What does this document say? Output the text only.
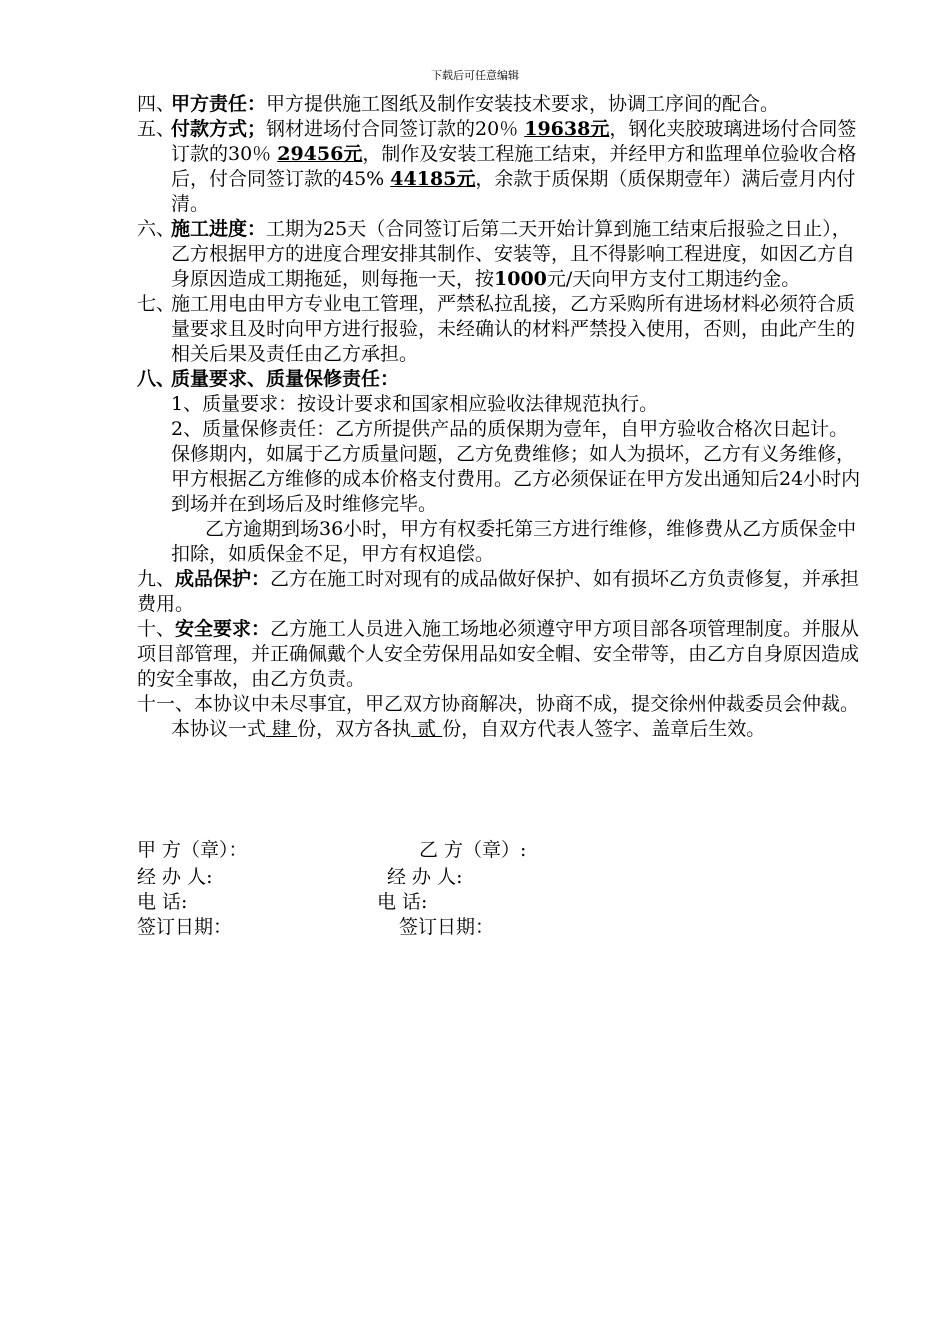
下载后可任意编辑
四、
甲方责任：甲方提供施工图纸及制作安装技术要求，协调工序间的配合。
五、
付款方式；钢材进场付合同签订款的20％ 19638元，钢化夹胶玻璃进场付合同签订款的30％ 29456元，制作及安装工程施工结束，并经甲方和监理单位验收合格后，付合同签订款的45% 44185元，余款于质保期（质保期壹年）满后壹月内付清。
六、
施工进度：工期为25天（合同签订后第二天开始计算到施工结束后报验之日止），乙方根据甲方的进度合理安排其制作、安装等，且不得影响工程进度，如因乙方自身原因造成工期拖延，则每拖一天，按1000元/天向甲方支付工期违约金。
七、
施工用电由甲方专业电工管理，严禁私拉乱接，乙方采购所有进场材料必须符合质量要求且及时向甲方进行报验，未经确认的材料严禁投入使用，否则，由此产生的相关后果及责任由乙方承担。
八、
质量要求、质量保修责任：
1、质量要求：按设计要求和国家相应验收法律规范执行。
2、质量保修责任：乙方所提供产品的质保期为壹年，自甲方验收合格次日起计。保修期内，如属于乙方质量问题，乙方免费维修；如人为损坏，乙方有义务维修，甲方根据乙方维修的成本价格支付费用。乙方必须保证在甲方发出通知后24小时内到场并在到场后及时维修完毕。
乙方逾期到场36小时，甲方有权委托第三方进行维修，维修费从乙方质保金中扣除，如质保金不足，甲方有权追偿。
九、成品保护：乙方在施工时对现有的成品做好保护、如有损坏乙方负责修复，并承担费用。
十、安全要求：乙方施工人员进入施工场地必须遵守甲方项目部各项管理制度。并服从项目部管理，并正确佩戴个人安全劳保用品如安全帽、安全带等，由乙方自身原因造成的安全事故，由乙方负责。
十一、本协议中未尽事宜，甲乙双方协商解决，协商不成，提交徐州仲裁委员会仲裁。
本协议一式 肆 份，双方各执 贰 份，自双方代表人签字、盖章后生效。
甲 方（章）：	乙 方（章）:
经 办 人:	经 办 人:
电 话:	电 话:
签订日期：	签订日期：
